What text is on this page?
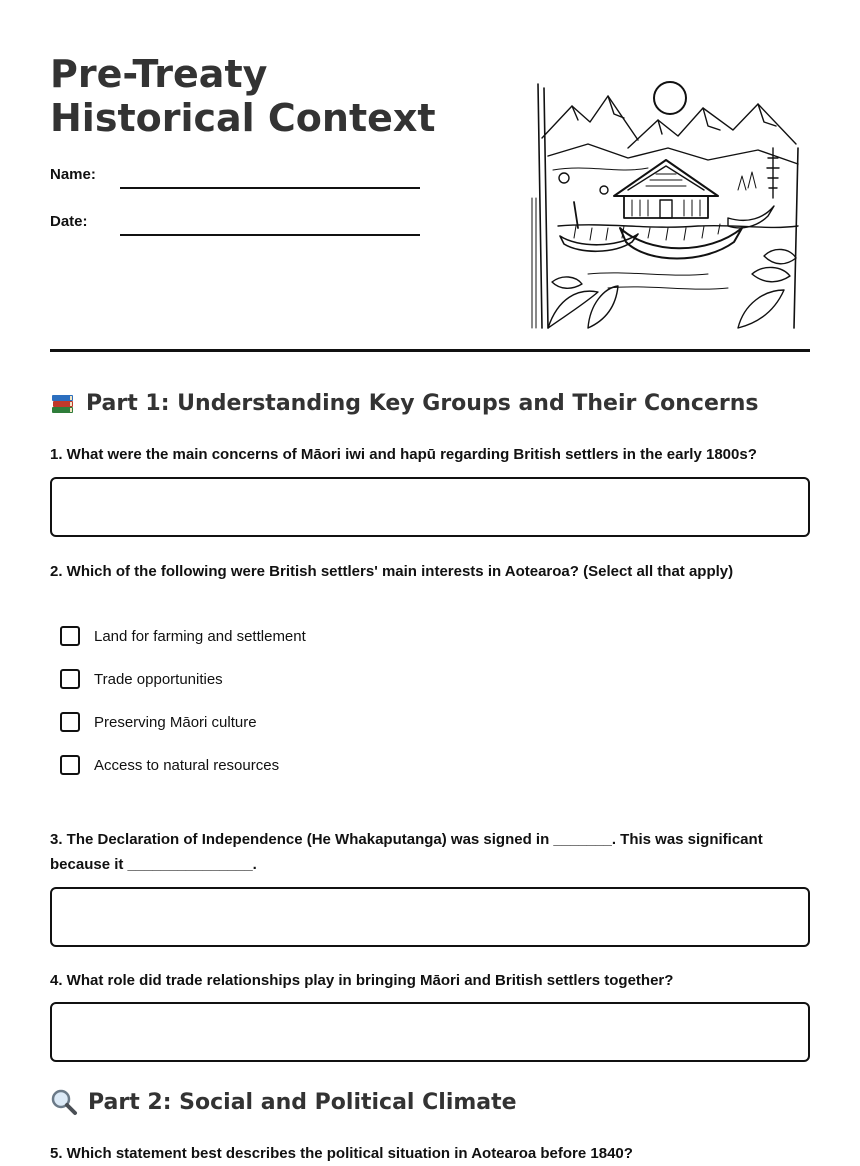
Pre-Treaty Historical Context
Name:
Date:
Part 1: Understanding Key Groups and Their Concerns

1. What were the main concerns of Māori iwi and hapū regarding British settlers in the early 1800s?

2. Which of the following were British settlers' main interests in Aotearoa? (Select all that apply)

Land for farming and settlement
Trade opportunities
Preserving Māori culture
Access to natural resources

3. The Declaration of Independence (He Whakaputanga) was signed in _______. This was significant because it _______________.

4. What role did trade relationships play in bringing Māori and British settlers together?

Part 2: Social and Political Climate

5. Which statement best describes the political situation in Aotearoa before 1840?
